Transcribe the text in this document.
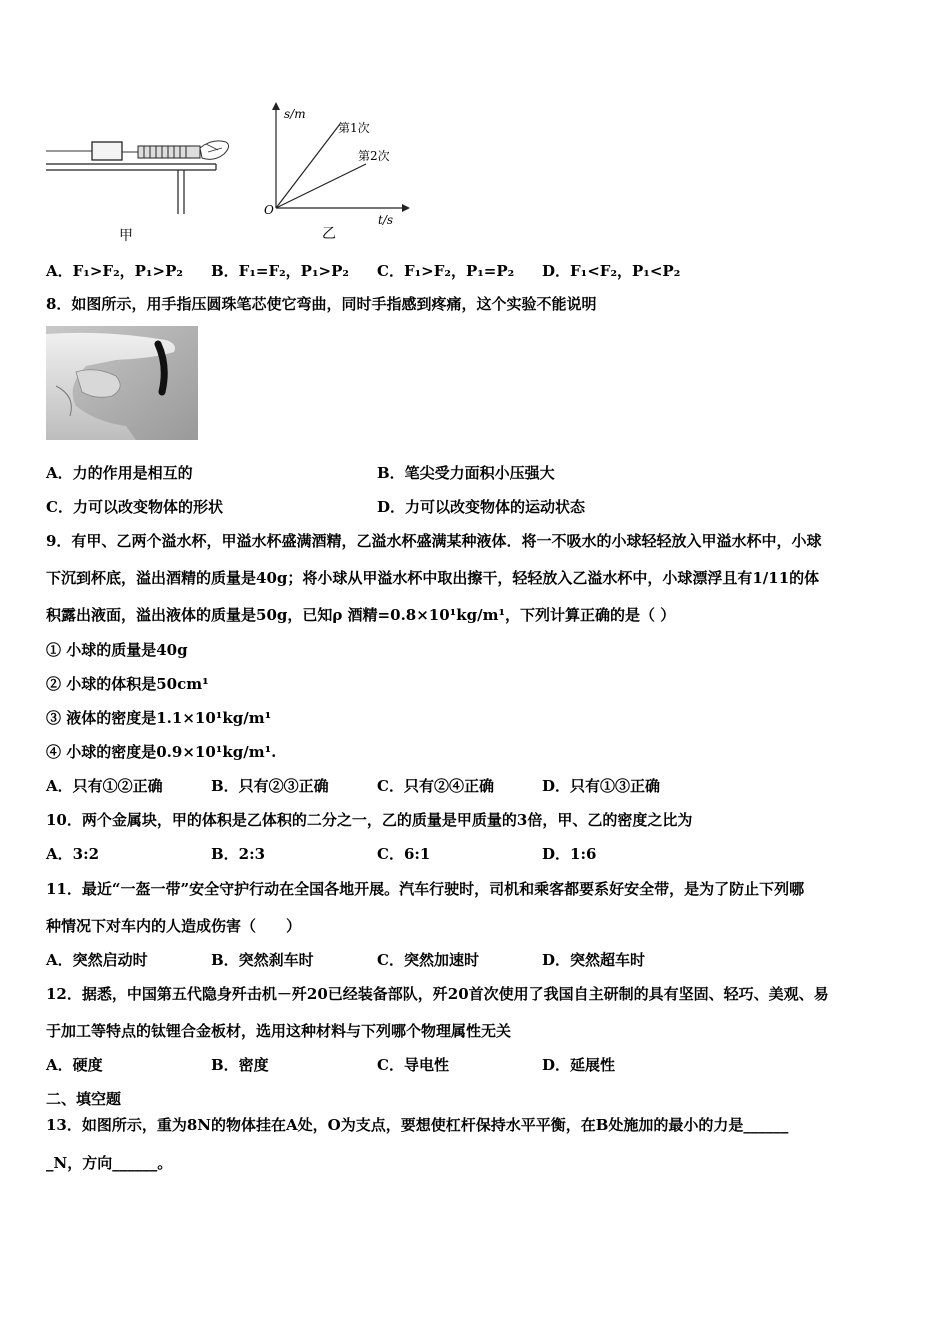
甲
s/m
t/s
O
第1次
第2次
乙
A．F₁>F₂，P₁>P₂ B．F₁=F₂，P₁>P₂ C．F₁>F₂，P₁=P₂ D．F₁<F₂，P₁<P₂
8．如图所示，用手指压圆珠笔芯使它弯曲，同时手指感到疼痛，这个实验不能说明
A．力的作用是相互的	B．笔尖受力面积小压强大
C．力可以改变物体的形状	D．力可以改变物体的运动状态
9．有甲、乙两个溢水杯，甲溢水杯盛满酒精，乙溢水杯盛满某种液体．将一不吸水的小球轻轻放入甲溢水杯中，小球
下沉到杯底，溢出酒精的质量是40g；将小球从甲溢水杯中取出擦干，轻轻放入乙溢水杯中，小球漂浮且有1/11的体
积露出液面，溢出液体的质量是50g，已知ρ 酒精=0.8×10¹kg/m¹，下列计算正确的是（ ）
① 小球的质量是40g
② 小球的体积是50cm¹
③ 液体的密度是1.1×10¹kg/m¹
④ 小球的密度是0.9×10¹kg/m¹.
A．只有①②正确	B．只有②③正确	C．只有②④正确	D．只有①③正确
10．两个金属块，甲的体积是乙体积的二分之一，乙的质量是甲质量的3倍，甲、乙的密度之比为
A．3:2	B．2:3	C．6:1	D．1:6
11．最近“一盔一带”安全守护行动在全国各地开展。汽车行驶时，司机和乘客都要系好安全带，是为了防止下列哪
种情况下对车内的人造成伤害（　　）
A．突然启动时	B．突然刹车时	C．突然加速时	D．突然超车时
12．据悉，中国第五代隐身歼击机－歼20已经装备部队，歼20首次使用了我国自主研制的具有坚固、轻巧、美观、易
于加工等特点的钛锂合金板材，选用这种材料与下列哪个物理属性无关
A．硬度	B．密度	C．导电性	D．延展性
二、填空题
13．如图所示，重为8N的物体挂在A处，O为支点，要想使杠杆保持水平平衡，在B处施加的最小的力是______
_N，方向______。
